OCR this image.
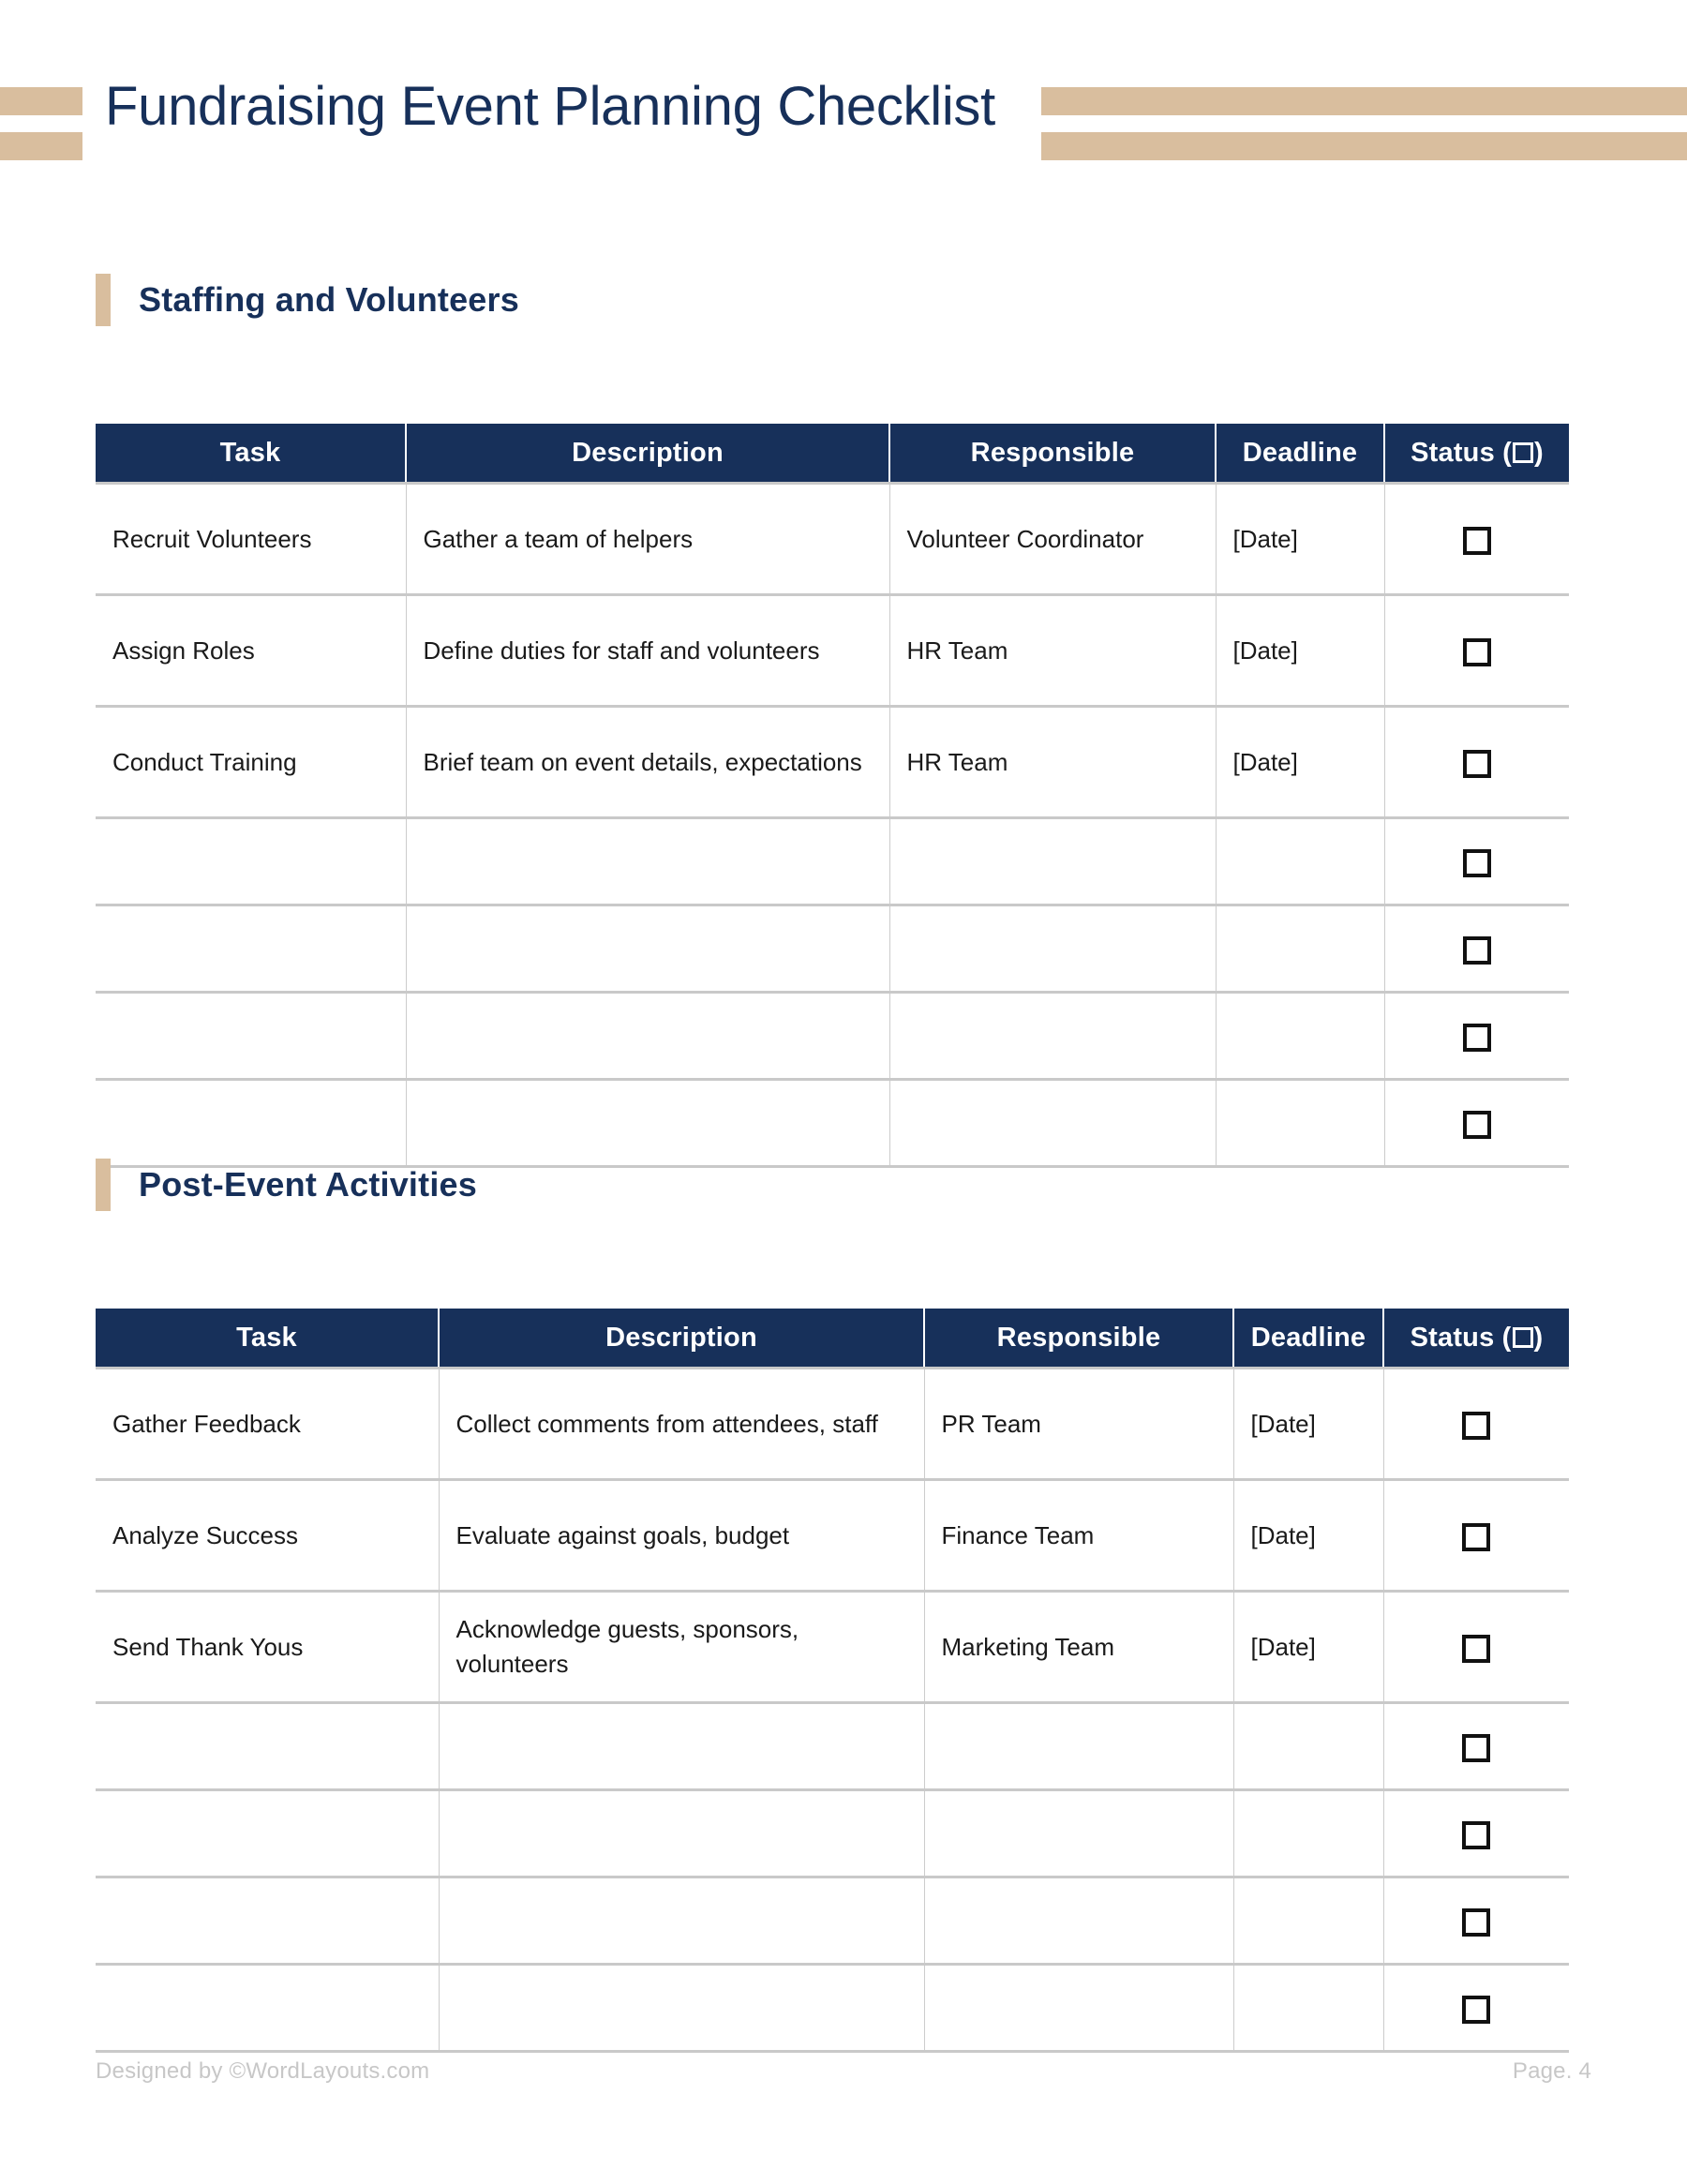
Fundraising Event Planning Checklist
Staffing and Volunteers
Task	Description	Responsible	Deadline	Status ( )
Recruit Volunteers	Gather a team of helpers	Volunteer Coordinator	[Date]	
Assign Roles	Define duties for staff and volunteers	HR Team	[Date]	
Conduct Training	Brief team on event details, expectations	HR Team	[Date]	

Post-Event Activities
Task	Description	Responsible	Deadline	Status ( )
Gather Feedback	Collect comments from attendees, staff	PR Team	[Date]	
Analyze Success	Evaluate against goals, budget	Finance Team	[Date]	
Send Thank Yous	Acknowledge guests, sponsors, volunteers	Marketing Team	[Date]	

Designed by ©WordLayouts.com	Page. 4
